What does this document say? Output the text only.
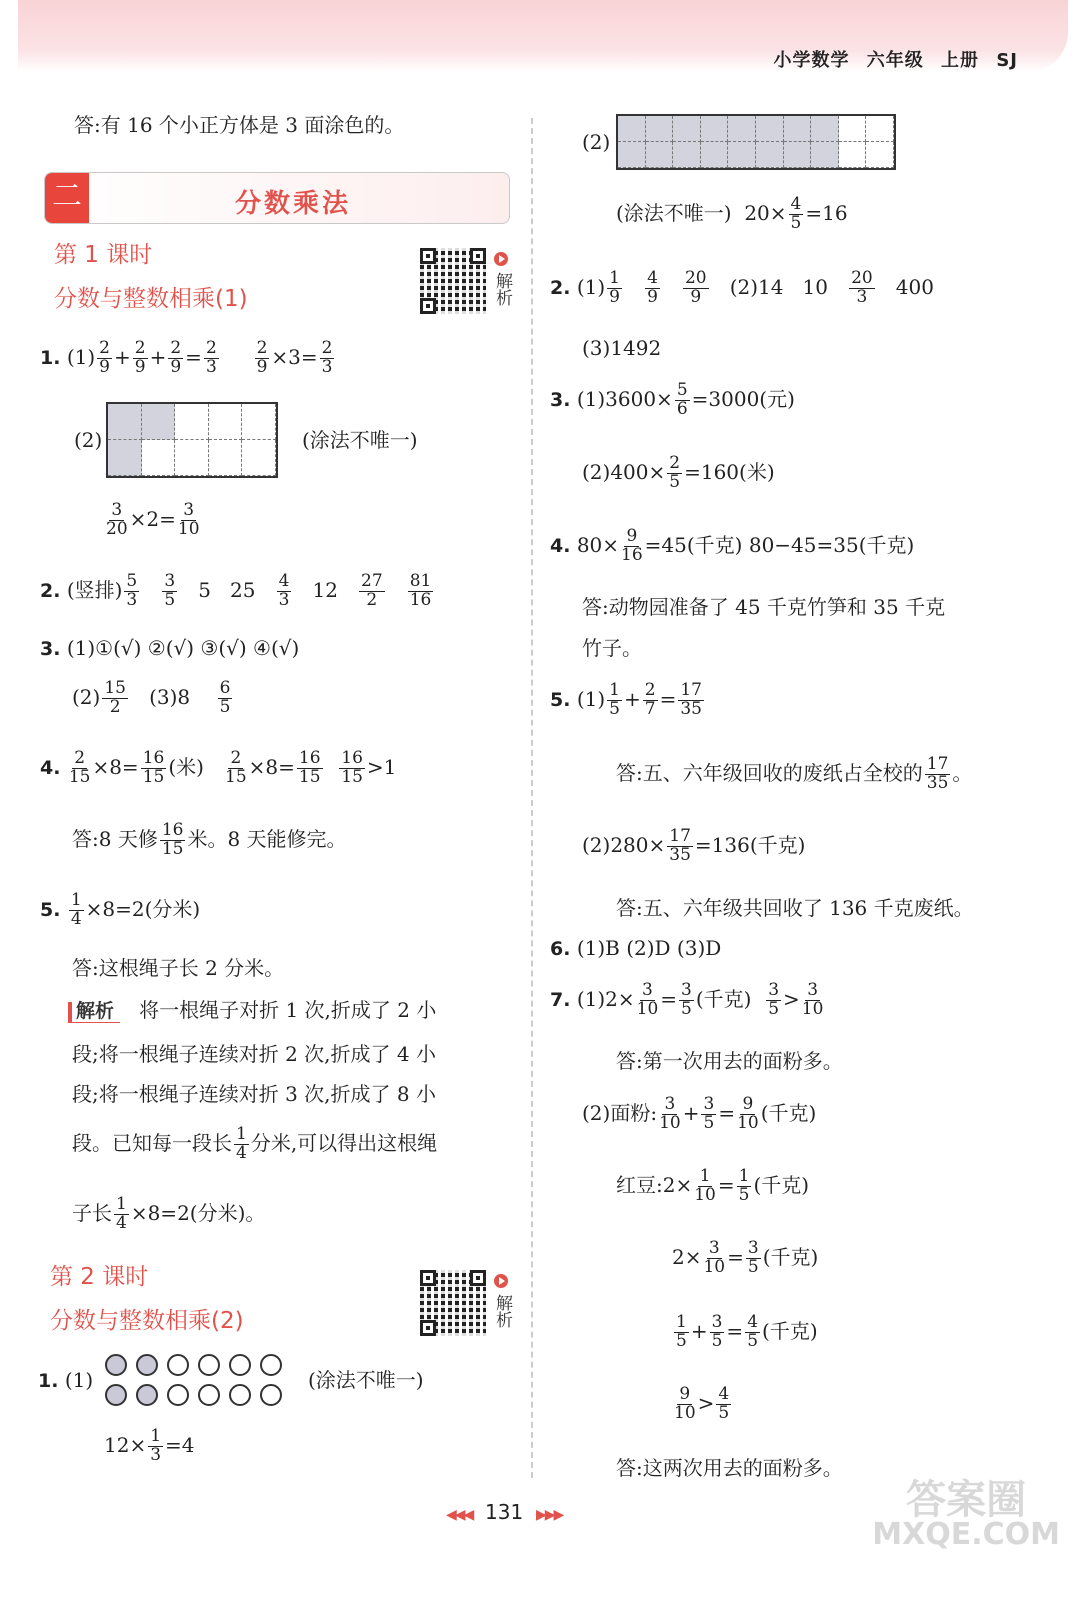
小学数学 六年级 上册 SJ
答:有 16 个小正方体是 3 面涂色的。
二	分数乘法
第 1 课时
分数与整数相乘(1)	解析
1. $(1) \frac{2}{9} + \frac{2}{9} + \frac{2}{9} = \frac{2}{3}$
$\frac{2}{9} \times 3= \frac{2}{3}$
(2)	(涂法不唯一)
$\frac{3}{20} \times 2= \frac{3}{10}$
2. (竖排) $\frac{5}{3}$
$\frac{3}{5} 5$ $25 \frac{4}{3} 12 \frac{27}{2}$
$\frac{81}{16}$
3. (1)①(√) ②(√) ③(√) ④(√)
$(2) \frac{15}{2} (3)8 \frac{6}{5}$
4. $\frac{2}{15} \times 8= \frac{16}{15}$ (米) $\frac{2}{15} \times 8= \frac{16}{15}$
$\frac{16}{15} >1$
答:8 天修 $\frac{16}{15}$ 米。8 天能修完。
5. $\frac{1}{4} \times 8=2$(分米)
答:这根绳子长 2 分米。
解析 将一根绳子对折 1 次,折成了 2 小
段;将一根绳子连续对折 2 次,折成了 4 小
段;将一根绳子连续对折 3 次,折成了 8 小
段。已知每一段长 $\frac{1}{4}$ 分米,可以得出这根绳
子长 $\frac{1}{4} \times 8=2$(分米)。
第 2 课时
分数与整数相乘(2)	解析
1. (1)	(涂法不唯一)
$12\times \frac{1}{3} =4$
(2)
(涂法不唯一) $20\times \frac{4}{5} =16$
2. $(1) \frac{1}{9}$
$\frac{4}{9}$
$\frac{20}{9} (2)14$ $10 \frac{20}{3} 400$
(3)1492
3. $(1)3600\times \frac{5}{6} =3000$(元)
$(2)400\times \frac{2}{5} =160$(米)
4. $80\times \frac{9}{16} =45$(千克) 80−45=35(千克)
答:动物园准备了 45 千克竹笋和 35 千克
竹子。
5. $(1) \frac{1}{5} + \frac{2}{7} = \frac{17}{35}$
答:五、六年级回收的废纸占全校的 $\frac{17}{35}$ 。
$(2)280\times \frac{17}{35} =136$(千克)
答:五、六年级共回收了 136 千克废纸。
6. (1)B (2)D (3)D
7. $(1)2\times \frac{3}{10} = \frac{3}{5}$ (千克) $\frac{3}{5} > \frac{3}{10}$
答:第一次用去的面粉多。
(2)面粉: $\frac{3}{10} + \frac{3}{5} = \frac{9}{10}$ (千克)
红豆:2× $\frac{1}{10} = \frac{1}{5}$ (千克)
$2\times \frac{3}{10} = \frac{3}{5}$ (千克)
$\frac{1}{5} + \frac{3}{5} = \frac{4}{5}$ (千克)
$\frac{9}{10} > \frac{4}{5}$
答:这两次用去的面粉多。
◀◀◀ 131 ▶▶▶	答案圈
MXQE.COM
